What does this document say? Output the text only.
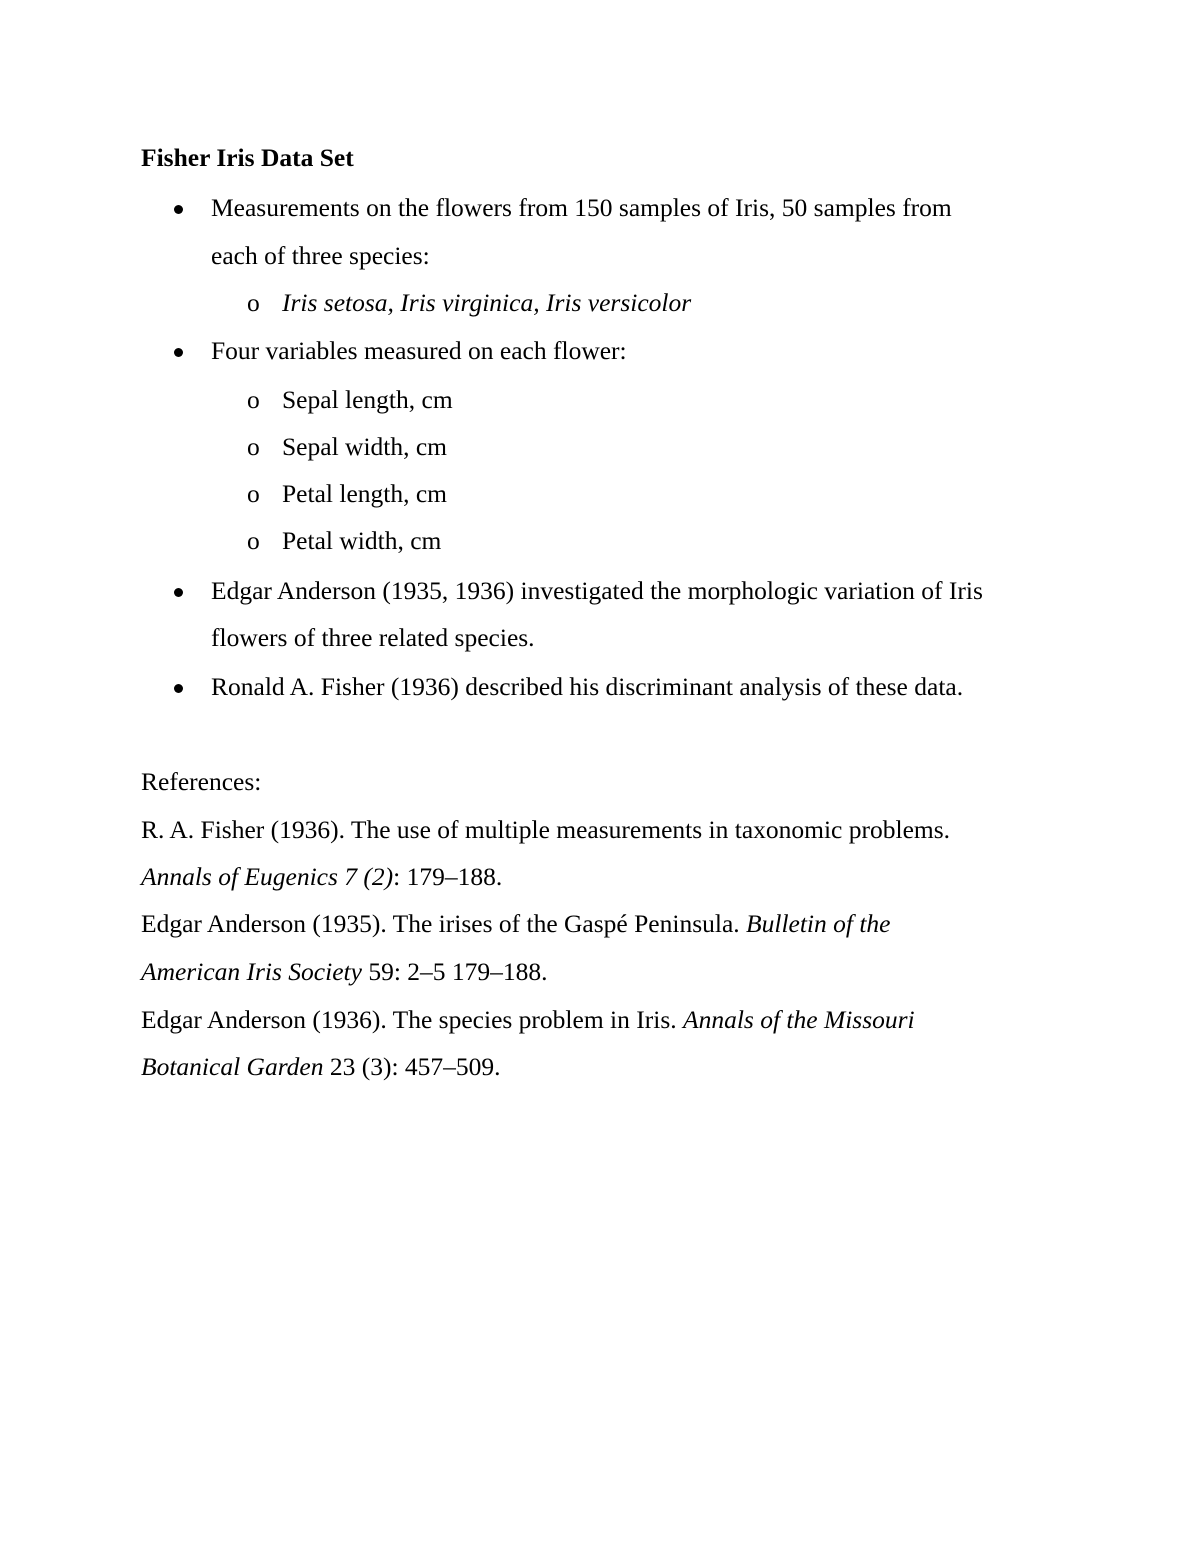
Fisher Iris Data Set
Measurements on the flowers from 150 samples of Iris, 50 samples from
each of three species:
o Iris setosa, Iris virginica, Iris versicolor
Four variables measured on each flower:
o Sepal length, cm
o Sepal width, cm
o Petal length, cm
o Petal width, cm
Edgar Anderson (1935, 1936) investigated the morphologic variation of Iris
flowers of three related species.
Ronald A. Fisher (1936) described his discriminant analysis of these data.
References:
R. A. Fisher (1936). The use of multiple measurements in taxonomic problems.
Annals of Eugenics 7 (2): 179–188.
Edgar Anderson (1935). The irises of the Gaspé Peninsula. Bulletin of the
American Iris Society 59: 2–5 179–188.
Edgar Anderson (1936). The species problem in Iris. Annals of the Missouri
Botanical Garden 23 (3): 457–509.
